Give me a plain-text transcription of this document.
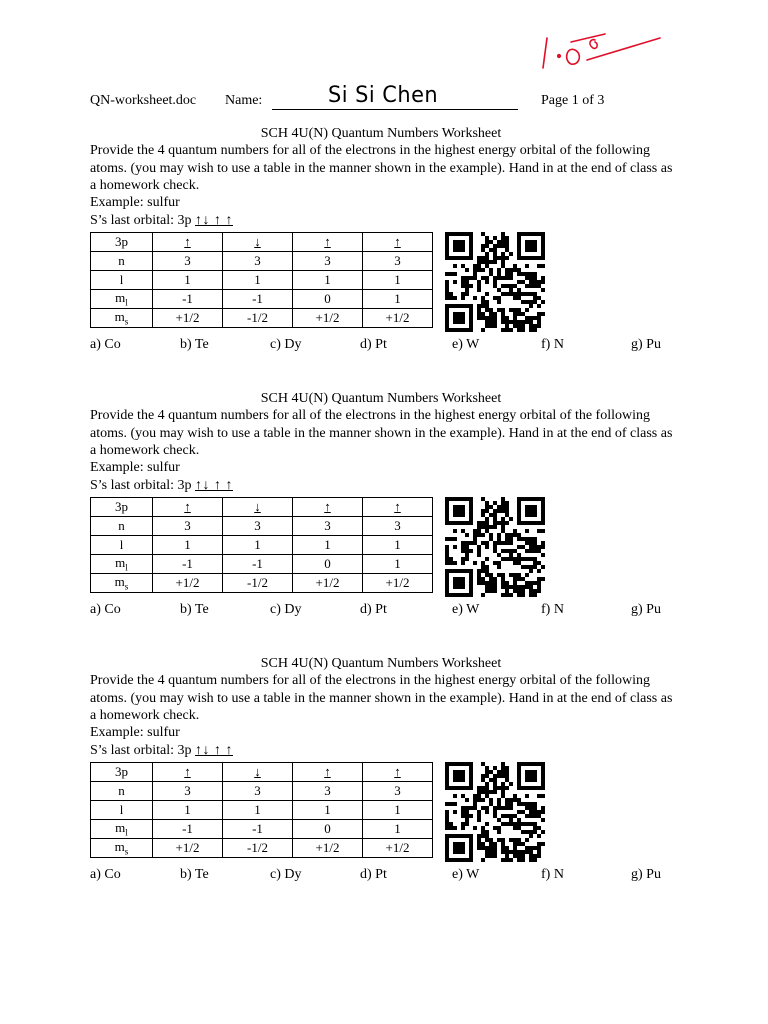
QN-worksheet.doc Name:	Si Si Chen	Page 1 of 3
SCH 4U(N) Quantum Numbers Worksheet
Provide the 4 quantum numbers for all of the electrons in the highest energy orbital of the following atoms. (you may wish to use a table in the manner shown in the example). Hand in at the end of class as a homework check.
Example: sulfur
S’s last orbital: 3p ↑↓ ↑ ↑
3p	↑	↓	↑	↑
n	3	3	3	3
l	1	1	1	1
$m_l$	-1	-1	0	1
$m_s$	+1/2	-1/2	+1/2	+1/2
a) Co	b) Te	c) Dy	d) Pt	e) W	f) N	g) Pu
SCH 4U(N) Quantum Numbers Worksheet
Provide the 4 quantum numbers for all of the electrons in the highest energy orbital of the following atoms. (you may wish to use a table in the manner shown in the example). Hand in at the end of class as a homework check.
Example: sulfur
S’s last orbital: 3p ↑↓ ↑ ↑
3p	↑	↓	↑	↑
n	3	3	3	3
l	1	1	1	1
$m_l$	-1	-1	0	1
$m_s$	+1/2	-1/2	+1/2	+1/2
a) Co	b) Te	c) Dy	d) Pt	e) W	f) N	g) Pu
SCH 4U(N) Quantum Numbers Worksheet
Provide the 4 quantum numbers for all of the electrons in the highest energy orbital of the following atoms. (you may wish to use a table in the manner shown in the example). Hand in at the end of class as a homework check.
Example: sulfur
S’s last orbital: 3p ↑↓ ↑ ↑
3p	↑	↓	↑	↑
n	3	3	3	3
l	1	1	1	1
$m_l$	-1	-1	0	1
$m_s$	+1/2	-1/2	+1/2	+1/2
a) Co	b) Te	c) Dy	d) Pt	e) W	f) N	g) Pu
